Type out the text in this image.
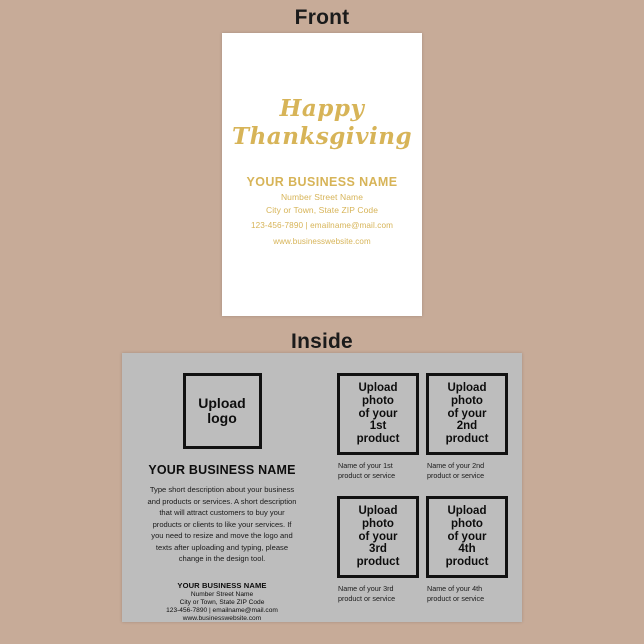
Front
Happy
Thanksgiving
YOUR BUSINESS NAME
Number Street Name
City or Town, State ZIP Code
123-456-7890 | emailname@mail.com
www.businesswebsite.com
Inside
Upload
logo
YOUR BUSINESS NAME
Type short description about your business and products or services. A short description that will attract customers to buy your products or clients to like your services. If you need to resize and move the logo and texts after uploading and typing, please change in the design tool.
YOUR BUSINESS NAME
Number Street Name
City or Town, State ZIP Code
123-456-7890 | emailname@mail.com
www.businesswebsite.com
Upload
photo
of your
1st
product
Name of your 1st
product or service
Upload
photo
of your
2nd
product
Name of your 2nd
product or service
Upload
photo
of your
3rd
product
Name of your 3rd
product or service
Upload
photo
of your
4th
product
Name of your 4th
product or service
